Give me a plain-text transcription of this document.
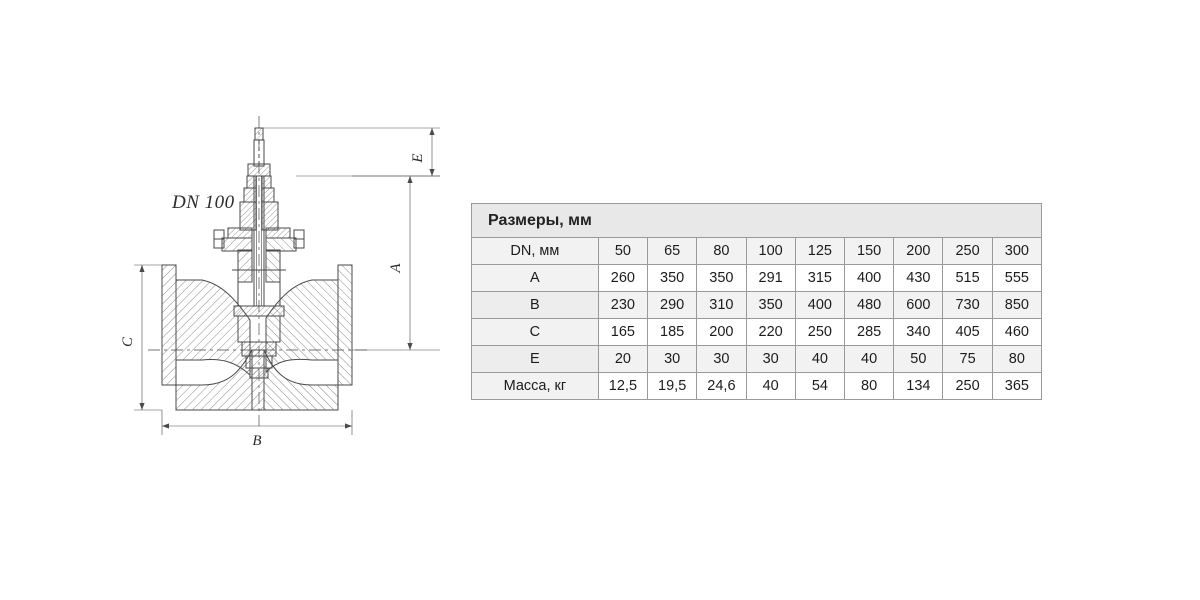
DN 100
E
A
C
B
Размеры, мм
DN, мм	50	65	80	100	125	150	200	250	300
A	260	350	350	291	315	400	430	515	555
B	230	290	310	350	400	480	600	730	850
C	165	185	200	220	250	285	340	405	460
E	20	30	30	30	40	40	50	75	80
Масса, кг	12,5	19,5	24,6	40	54	80	134	250	365
